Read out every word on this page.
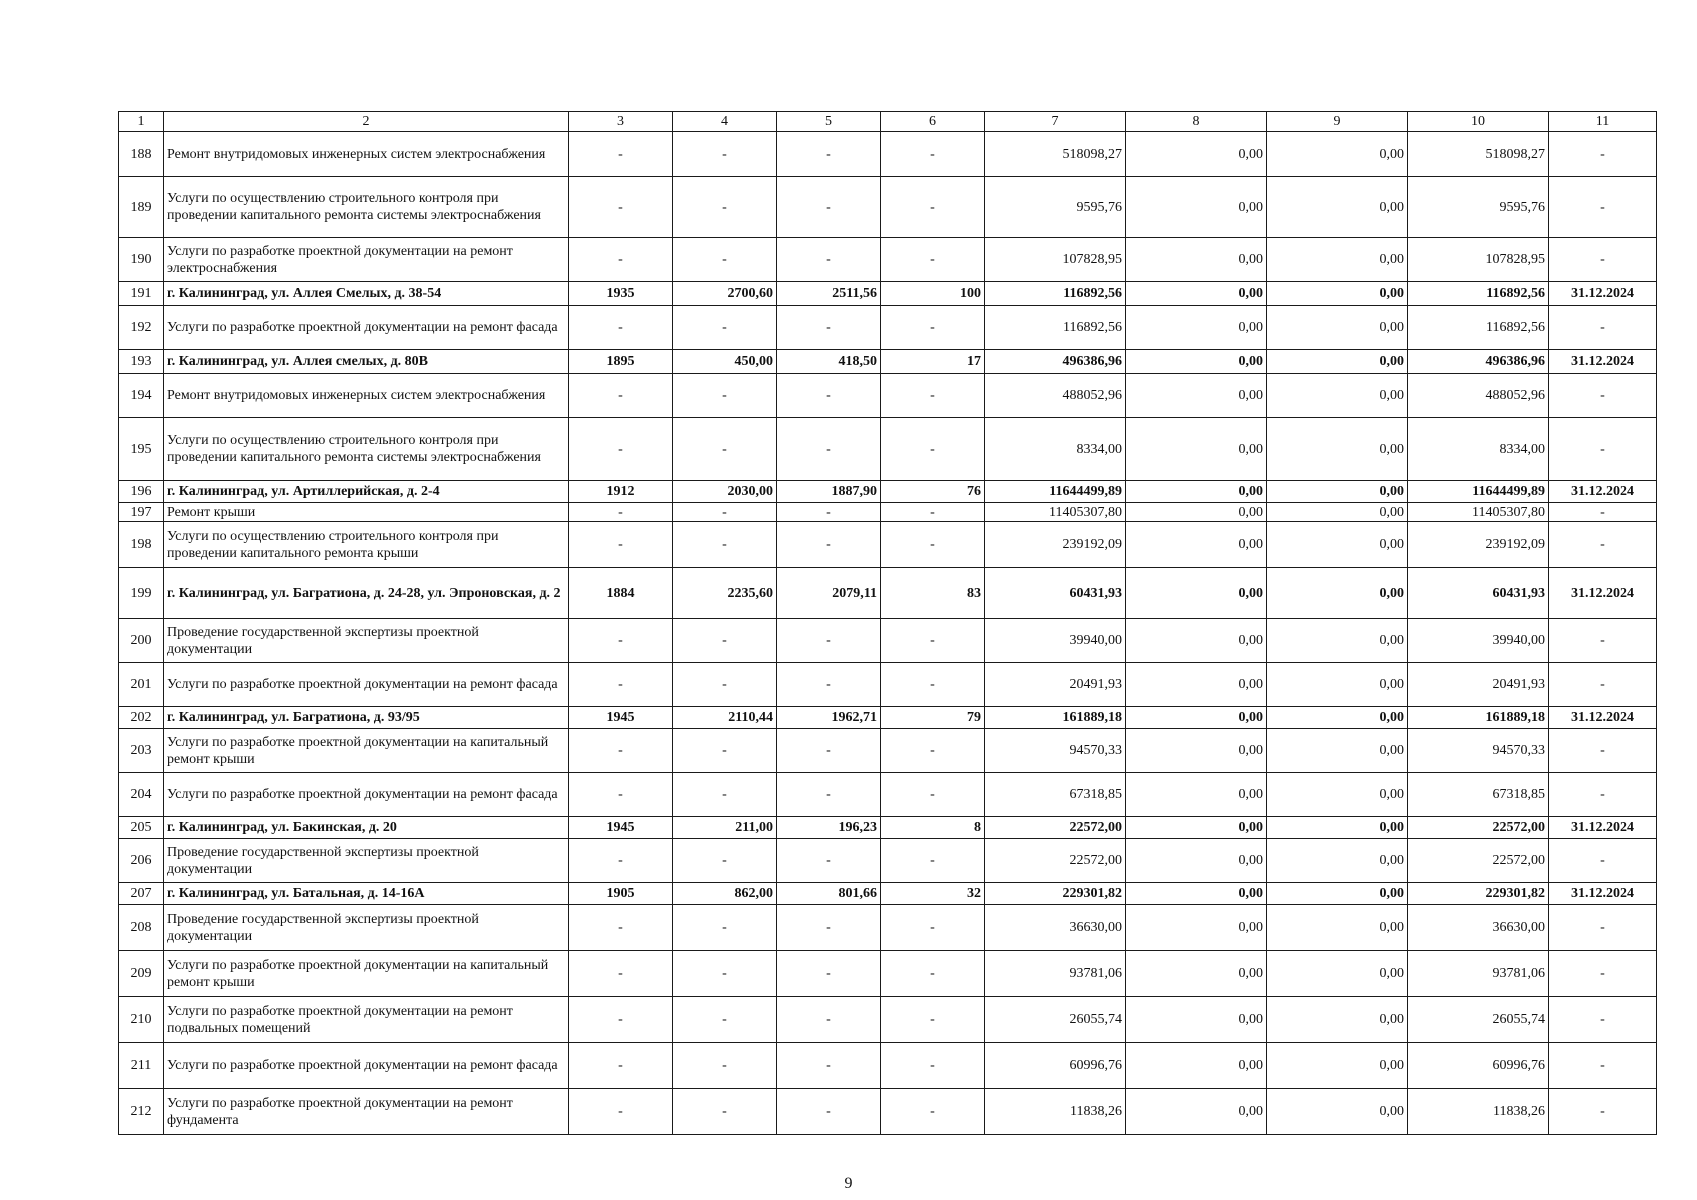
1	2	3	4	5	6	7	8	9	10	11
188	Ремонт внутридомовых инженерных систем электроснабжения	-	-	-	-	518098,27	0,00	0,00	518098,27	-
189	Услуги по осуществлению строительного контроля при проведении капитального ремонта системы электроснабжения	-	-	-	-	9595,76	0,00	0,00	9595,76	-
190	Услуги по разработке проектной документации на ремонт электроснабжения	-	-	-	-	107828,95	0,00	0,00	107828,95	-
191	г. Калининград, ул. Аллея Смелых, д. 38-54	1935	2700,60	2511,56	100	116892,56	0,00	0,00	116892,56	31.12.2024
192	Услуги по разработке проектной документации на ремонт фасада	-	-	-	-	116892,56	0,00	0,00	116892,56	-
193	г. Калининград, ул. Аллея смелых, д. 80В	1895	450,00	418,50	17	496386,96	0,00	0,00	496386,96	31.12.2024
194	Ремонт внутридомовых инженерных систем электроснабжения	-	-	-	-	488052,96	0,00	0,00	488052,96	-
195	Услуги по осуществлению строительного контроля при проведении капитального ремонта системы электроснабжения	-	-	-	-	8334,00	0,00	0,00	8334,00	-
196	г. Калининград, ул. Артиллерийская, д. 2-4	1912	2030,00	1887,90	76	11644499,89	0,00	0,00	11644499,89	31.12.2024
197	Ремонт крыши	-	-	-	-	11405307,80	0,00	0,00	11405307,80	-
198	Услуги по осуществлению строительного контроля при проведении капитального ремонта крыши	-	-	-	-	239192,09	0,00	0,00	239192,09	-
199	г. Калининград, ул. Багратиона, д. 24-28, ул. Эпроновская, д. 2	1884	2235,60	2079,11	83	60431,93	0,00	0,00	60431,93	31.12.2024
200	Проведение государственной экспертизы проектной документации	-	-	-	-	39940,00	0,00	0,00	39940,00	-
201	Услуги по разработке проектной документации на ремонт фасада	-	-	-	-	20491,93	0,00	0,00	20491,93	-
202	г. Калининград, ул. Багратиона, д. 93/95	1945	2110,44	1962,71	79	161889,18	0,00	0,00	161889,18	31.12.2024
203	Услуги по разработке проектной документации на капитальный ремонт крыши	-	-	-	-	94570,33	0,00	0,00	94570,33	-
204	Услуги по разработке проектной документации на ремонт фасада	-	-	-	-	67318,85	0,00	0,00	67318,85	-
205	г. Калининград, ул. Бакинская, д. 20	1945	211,00	196,23	8	22572,00	0,00	0,00	22572,00	31.12.2024
206	Проведение государственной экспертизы проектной документации	-	-	-	-	22572,00	0,00	0,00	22572,00	-
207	г. Калининград, ул. Батальная, д. 14-16А	1905	862,00	801,66	32	229301,82	0,00	0,00	229301,82	31.12.2024
208	Проведение государственной экспертизы проектной документации	-	-	-	-	36630,00	0,00	0,00	36630,00	-
209	Услуги по разработке проектной документации на капитальный ремонт крыши	-	-	-	-	93781,06	0,00	0,00	93781,06	-
210	Услуги по разработке проектной документации на ремонт подвальных помещений	-	-	-	-	26055,74	0,00	0,00	26055,74	-
211	Услуги по разработке проектной документации на ремонт фасада	-	-	-	-	60996,76	0,00	0,00	60996,76	-
212	Услуги по разработке проектной документации на ремонт фундамента	-	-	-	-	11838,26	0,00	0,00	11838,26	-
9
